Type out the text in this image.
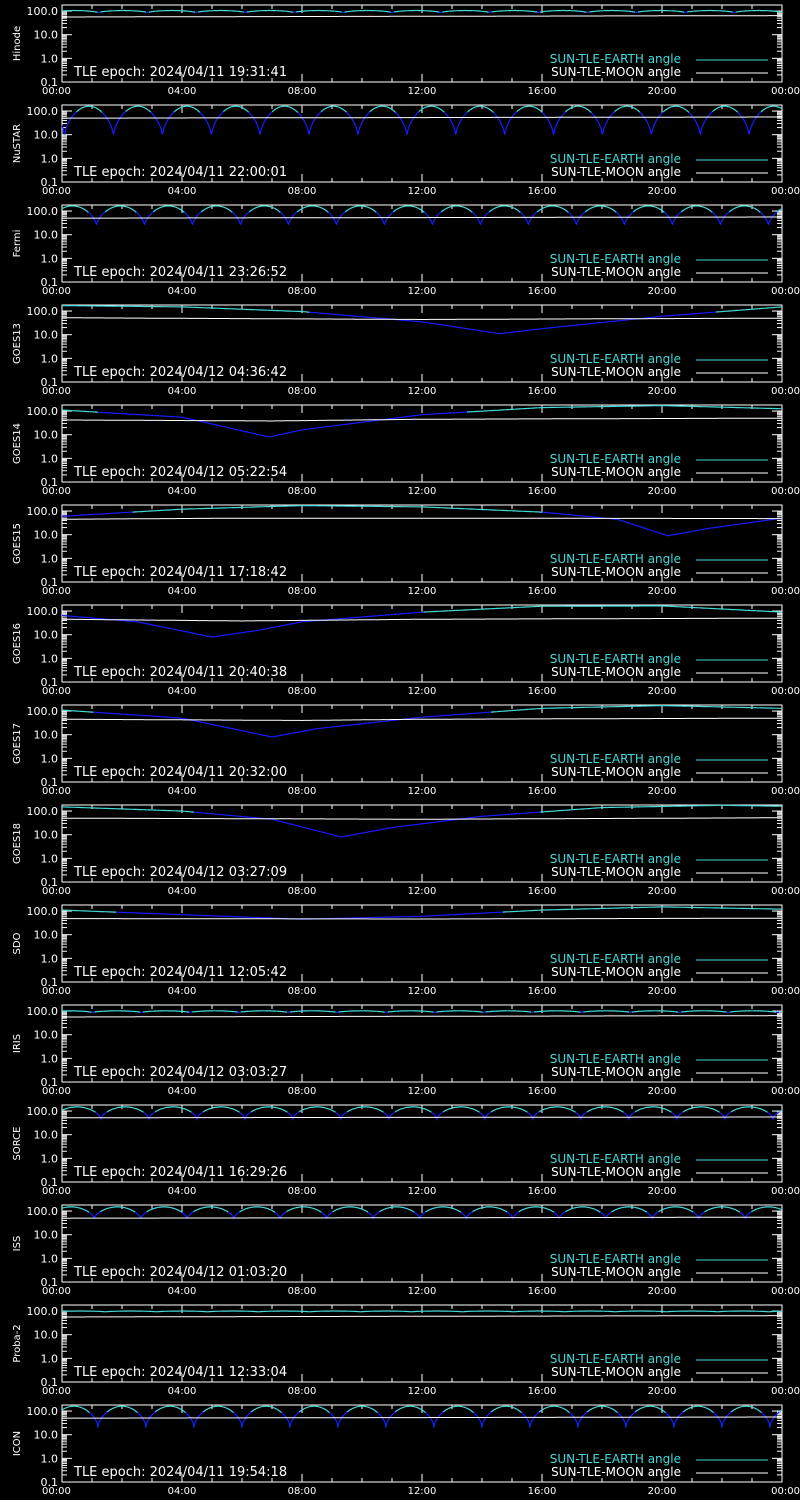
100.0
10.0
1.0
0.1
00:00	04:00	08:00	12:00	16:00	20:00	00:00
Hinode
TLE epoch: 2024/04/11 19:31:41
SUN-TLE-EARTH angle
SUN-TLE-MOON angle
100.0
10.0
1.0
0.1
00:00	04:00	08:00	12:00	16:00	20:00	00:00
NuSTAR
TLE epoch: 2024/04/11 22:00:01
SUN-TLE-EARTH angle
SUN-TLE-MOON angle
100.0
10.0
1.0
0.1
00:00	04:00	08:00	12:00	16:00	20:00	00:00
Fermi
TLE epoch: 2024/04/11 23:26:52
SUN-TLE-EARTH angle
SUN-TLE-MOON angle
100.0
10.0
1.0
0.1
00:00	04:00	08:00	12:00	16:00	20:00	00:00
GOES13
TLE epoch: 2024/04/12 04:36:42
SUN-TLE-EARTH angle
SUN-TLE-MOON angle
100.0
10.0
1.0
0.1
00:00	04:00	08:00	12:00	16:00	20:00	00:00
GOES14
TLE epoch: 2024/04/12 05:22:54
SUN-TLE-EARTH angle
SUN-TLE-MOON angle
100.0
10.0
1.0
0.1
00:00	04:00	08:00	12:00	16:00	20:00	00:00
GOES15
TLE epoch: 2024/04/11 17:18:42
SUN-TLE-EARTH angle
SUN-TLE-MOON angle
100.0
10.0
1.0
0.1
00:00	04:00	08:00	12:00	16:00	20:00	00:00
GOES16
TLE epoch: 2024/04/11 20:40:38
SUN-TLE-EARTH angle
SUN-TLE-MOON angle
100.0
10.0
1.0
0.1
00:00	04:00	08:00	12:00	16:00	20:00	00:00
GOES17
TLE epoch: 2024/04/11 20:32:00
SUN-TLE-EARTH angle
SUN-TLE-MOON angle
100.0
10.0
1.0
0.1
00:00	04:00	08:00	12:00	16:00	20:00	00:00
GOES18
TLE epoch: 2024/04/12 03:27:09
SUN-TLE-EARTH angle
SUN-TLE-MOON angle
100.0
10.0
1.0
0.1
00:00	04:00	08:00	12:00	16:00	20:00	00:00
SDO
TLE epoch: 2024/04/11 12:05:42
SUN-TLE-EARTH angle
SUN-TLE-MOON angle
100.0
10.0
1.0
0.1
00:00	04:00	08:00	12:00	16:00	20:00	00:00
IRIS
TLE epoch: 2024/04/12 03:03:27
SUN-TLE-EARTH angle
SUN-TLE-MOON angle
100.0
10.0
1.0
0.1
00:00	04:00	08:00	12:00	16:00	20:00	00:00
SORCE
TLE epoch: 2024/04/11 16:29:26
SUN-TLE-EARTH angle
SUN-TLE-MOON angle
100.0
10.0
1.0
0.1
00:00	04:00	08:00	12:00	16:00	20:00	00:00
ISS
TLE epoch: 2024/04/12 01:03:20
SUN-TLE-EARTH angle
SUN-TLE-MOON angle
100.0
10.0
1.0
0.1
00:00	04:00	08:00	12:00	16:00	20:00	00:00
Proba-2
TLE epoch: 2024/04/11 12:33:04
SUN-TLE-EARTH angle
SUN-TLE-MOON angle
100.0
10.0
1.0
0.1
00:00	04:00	08:00	12:00	16:00	20:00	00:00
ICON
TLE epoch: 2024/04/11 19:54:18
SUN-TLE-EARTH angle
SUN-TLE-MOON angle
